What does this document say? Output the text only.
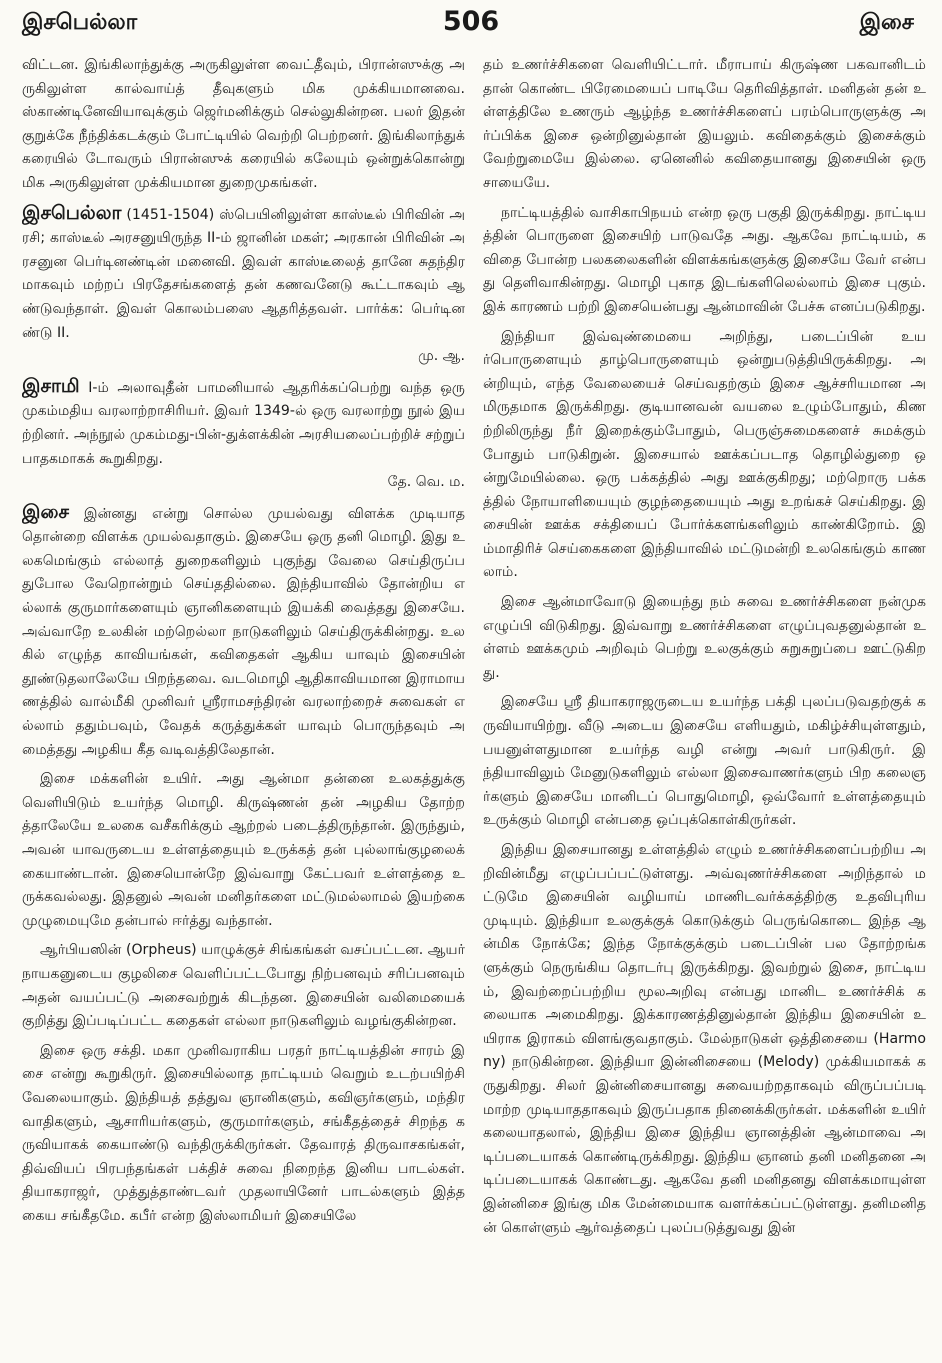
இசபெல்லா	506	இசை

விட்டன. இங்கிலாந்துக்கு அருகிலுள்ள வைட்தீவும், பிரான்ஸுக்கு அருகிலுள்ள கால்வாய்த் தீவுகளும் மிக முக்கியமானவை. ஸ்காண்டினேவியாவுக்கும் ஜெர்மனிக்கும் செல்லுகின்றன. பலர் இதன் குறுக்கே நீந்திக்கடக்கும் போட்டியில் வெற்றி பெற்றனர். இங்கிலாந்துக் கரையில் டோவரும் பிரான்ஸுக் கரையில் கலேயும் ஒன்றுக்கொன்று மிக அருகிலுள்ள முக்கியமான துறைமுகங்கள்.

இசபெல்லா (1451-1504) ஸ்பெயினிலுள்ள காஸ்டீல் பிரிவின் அரசி; காஸ்டீல் அரசனுயிருந்த II-ம் ஜானின் மகள்; அரகான் பிரிவின் அரசனுன பெர்டினண்டின் மனைவி. இவள் காஸ்டீலைத் தானே சுதந்திரமாகவும் மற்றப் பிரதேசங்களைத் தன் கணவனேடு கூட்டாகவும் ஆண்டுவந்தாள். இவள் கொலம்பஸை ஆதரித்தவள். பார்க்க: பெர்டினண்டு II.
மு. ஆ.

இசாமி I-ம் அலாவுதீன் பாமனியால் ஆதரிக்கப்பெற்று வந்த ஒரு முகம்மதிய வரலாற்றாசிரியர். இவர் 1349-ல் ஒரு வரலாற்று நூல் இயற்றினர். அந்நூல் முகம்மது-பின்-துக்ளக்கின் அரசியலைப்பற்றிச் சற்றுப் பாதகமாகக் கூறுகிறது.
தே. வெ. ம.

இசை இன்னது என்று சொல்ல முயல்வது விளக்க முடியாததொன்றை விளக்க முயல்வதாகும். இசையே ஒரு தனி மொழி. இது உலகமெங்கும் எல்லாத் துறைகளிலும் புகுந்து வேலை செய்திருப்பதுபோல வேறொன்றும் செய்ததில்லை. இந்தியாவில் தோன்றிய எல்லாக் குருமார்களையும் ஞானிகளையும் இயக்கி வைத்தது இசையே. அவ்வாறே உலகின் மற்றெல்லா நாடுகளிலும் செய்திருக்கின்றது. உலகில் எழுந்த காவியங்கள், கவிதைகள் ஆகிய யாவும் இசையின் தூண்டுதலாலேயே பிறந்தவை. வடமொழி ஆதிகாவியமான இராமாயணத்தில் வால்மீகி முனிவர் ஸ்ரீராமசந்திரன் வரலாற்றைச் சுவைகள் எல்லாம் ததும்பவும், வேதக் கருத்துக்கள் யாவும் பொருந்தவும் அமைத்தது அழகிய கீத வடிவத்திலேதான்.

இசை மக்களின் உயிர். அது ஆன்மா தன்னை உலகத்துக்கு வெளியிடும் உயர்ந்த மொழி. கிருஷ்ணன் தன் அழகிய தோற்றத்தாலேயே உலகை வசீகரிக்கும் ஆற்றல் படைத்திருந்தான். இருந்தும், அவன் யாவருடைய உள்ளத்தையும் உருக்கத் தன் புல்லாங்குழலைக் கையாண்டான். இசையொன்றே இவ்வாறு கேட்பவர் உள்ளத்தை உருக்கவல்லது. இதனுல் அவன் மனிதர்களை மட்டுமல்லாமல் இயற்கை முழுமையுமே தன்பால் ஈர்த்து வந்தான்.

ஆர்பியஸின் (Orpheus) யாழுக்குச் சிங்கங்கள் வசப்பட்டன. ஆயர் நாயகனுடைய குழலிசை வெளிப்பட்டபோது நிற்பனவும் சரிப்பனவும் அதன் வயப்பட்டு அசைவற்றுக் கிடந்தன. இசையின் வலிமையைக் குறித்து இப்படிப்பட்ட கதைகள் எல்லா நாடுகளிலும் வழங்குகின்றன.

இசை ஒரு சக்தி. மகா முனிவராகிய பரதர் நாட்டியத்தின் சாரம் இசை என்று கூறுகிருர். இசையில்லாத நாட்டியம் வெறும் உடற்பயிற்சி வேலையாகும். இந்தியத் தத்துவ ஞானிகளும், கவிஞர்களும், மந்திரவாதிகளும், ஆசாரியர்களும், குருமார்களும், சங்கீதத்தைச் சிறந்த கருவியாகக் கையாண்டு வந்திருக்கிருர்கள். தேவாரத் திருவாசகங்கள், திவ்வியப் பிரபந்தங்கள் பக்திச் சுவை நிறைந்த இனிய பாடல்கள். தியாகராஜர், முத்துத்தாண்டவர் முதலாயினேர் பாடல்களும் இத்தகைய சங்கீதமே. கபீர் என்ற இஸ்லாமியர் இசையிலே

தம் உணர்ச்சிகளை வெளியிட்டார். மீராபாய் கிருஷ்ண பகவானிடம் தான் கொண்ட பிரேமையைப் பாடியே தெரிவித்தாள். மனிதன் தன் உள்ளத்திலே உணரும் ஆழ்ந்த உணர்ச்சிகளைப் பரம்பொருளுக்கு அர்ப்பிக்க இசை ஒன்றினுல்தான் இயலும். கவிதைக்கும் இசைக்கும் வேற்றுமையே இல்லை. ஏனெனில் கவிதையானது இசையின் ஒரு சாயையே.

நாட்டியத்தில் வாசிகாபிநயம் என்ற ஒரு பகுதி இருக்கிறது. நாட்டியத்தின் பொருளை இசையிற் பாடுவதே அது. ஆகவே நாட்டியம், கவிதை போன்ற பலகலைகளின் விளக்கங்களுக்கு இசையே வேர் என்பது தெளிவாகின்றது. மொழி புகாத இடங்களிலெல்லாம் இசை புகும். இக் காரணம் பற்றி இசையென்பது ஆன்மாவின் பேச்சு எனப்படுகிறது.

இந்தியா இவ்வுண்மையை அறிந்து, படைப்பின் உயர்பொருளையும் தாழ்பொருளையும் ஒன்றுபடுத்தியிருக்கிறது. அன்றியும், எந்த வேலையைச் செய்வதற்கும் இசை ஆச்சரியமான அமிருதமாக இருக்கிறது. குடியானவன் வயலை உழும்போதும், கிணற்றிலிருந்து நீர் இறைக்கும்போதும், பெருஞ்சுமைகளைச் சுமக்கும் போதும் பாடுகிறுன். இசையால் ஊக்கப்படாத தொழில்துறை ஒன்றுமேயில்லை. ஒரு பக்கத்தில் அது ஊக்குகிறது; மற்றொரு பக்கத்தில் நோயாளியையும் குழந்தையையும் அது உறங்கச் செய்கிறது. இசையின் ஊக்க சக்தியைப் போர்க்களங்களிலும் காண்கிறோம். இம்மாதிரிச் செய்கைகளை இந்தியாவில் மட்டுமன்றி உலகெங்கும் காணலாம்.

இசை ஆன்மாவோடு இயைந்து நம் சுவை உணர்ச்சிகளை நன்முக எழுப்பி விடுகிறது. இவ்வாறு உணர்ச்சிகளை எழுப்புவதனுல்தான் உள்ளம் ஊக்கமும் அறிவும் பெற்று உலகுக்கும் சுறுசுறுப்பை ஊட்டுகிறது.

இசையே ஸ்ரீ தியாகராஜருடைய உயர்ந்த பக்தி புலப்படுவதற்குக் கருவியாயிற்று. வீடு அடைய இசையே எளியதும், மகிழ்ச்சியுள்ளதும், பயனுள்ளதுமான உயர்ந்த வழி என்று அவர் பாடுகிருர். இந்தியாவிலும் மேனுடுகளிலும் எல்லா இசைவாணர்களும் பிற கலைஞர்களும் இசையே மானிடப் பொதுமொழி, ஒவ்வோர் உள்ளத்தையும் உருக்கும் மொழி என்பதை ஒப்புக்கொள்கிருர்கள்.

இந்திய இசையானது உள்ளத்தில் எழும் உணர்ச்சிகளைப்பற்றிய அறிவின்மீது எழுப்பப்பட்டுள்ளது. அவ்வுணர்ச்சிகளை அறிந்தால் மட்டுமே இசையின் வழியாய் மாணிடவர்க்கத்திற்கு உதவிபுரிய முடியும். இந்தியா உலகுக்குக் கொடுக்கும் பெருங்கொடை இந்த ஆன்மிக நோக்கே; இந்த நோக்குக்கும் படைப்பின் பல தோற்றங்களுக்கும் நெருங்கிய தொடர்பு இருக்கிறது. இவற்றுல் இசை, நாட்டியம், இவற்றைப்பற்றிய மூலஅறிவு என்பது மானிட உணர்ச்சிக் கலையாக அமைகிறது. இக்காரணத்தினுல்தான் இந்திய இசையின் உயிராக இராகம் விளங்குவதாகும். மேல்நாடுகள் ஒத்திசையை (Harmony) நாடுகின்றன. இந்தியா இன்னிசையை (Melody) முக்கியமாகக் கருதுகிறது. சிலர் இன்னிசையானது சுவையற்றதாகவும் விருப்பப்படி மாற்ற முடியாததாகவும் இருப்பதாக நினைக்கிருர்கள். மக்களின் உயிர் கலையாதலால், இந்திய இசை இந்திய ஞானத்தின் ஆன்மாவை அடிப்படையாகக் கொண்டிருக்கிறது. இந்திய ஞானம் தனி மனிதனை அடிப்படையாகக் கொண்டது. ஆகவே தனி மனிதனது விளக்கமாயுள்ள இன்னிசை இங்கு மிக மேன்மையாக வளர்க்கப்பட்டுள்ளது. தனிமனிதன் கொள்ளும் ஆர்வத்தைப் புலப்படுத்துவது இன்
